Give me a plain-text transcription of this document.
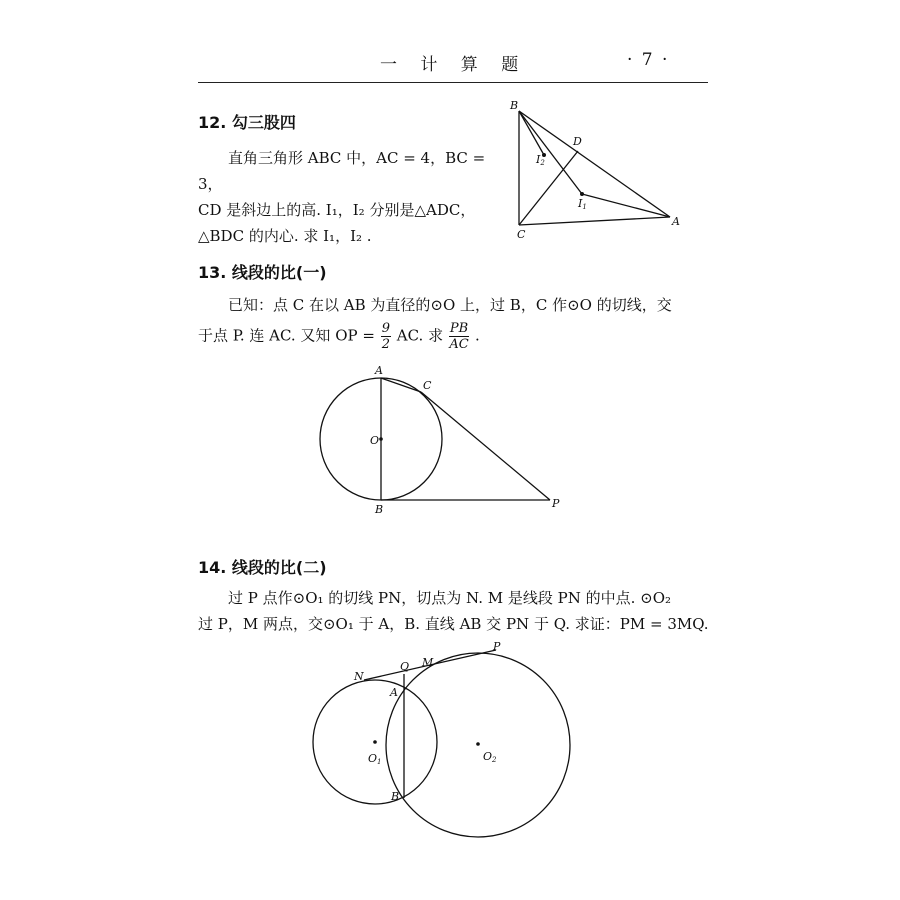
一 计 算 题	· 7 ·
12. 勾三股四
直角三角形 ABC 中，AC = 4，BC = 3，
CD 是斜边上的高. I₁，I₂ 分别是△ADC，
△BDC 的内心. 求 I₁，I₂ .
B
C
A
D
I1
I2
13. 线段的比(一)
已知：点 C 在以 AB 为直径的⊙O 上，过 B，C 作⊙O 的切线，交
于点 P. 连 AC. 又知 OP = $\frac{9}{2}$ AC. 求 $\frac{PB}{AC}$ .
A
C
O
B	P
14. 线段的比(二)
过 P 点作⊙O₁ 的切线 PN，切点为 N. M 是线段 PN 的中点. ⊙O₂
过 P，M 两点，交⊙O₁ 于 A，B. 直线 AB 交 PN 于 Q. 求证：PM = 3MQ.
N
Q M
P
A
B
O1	O2
